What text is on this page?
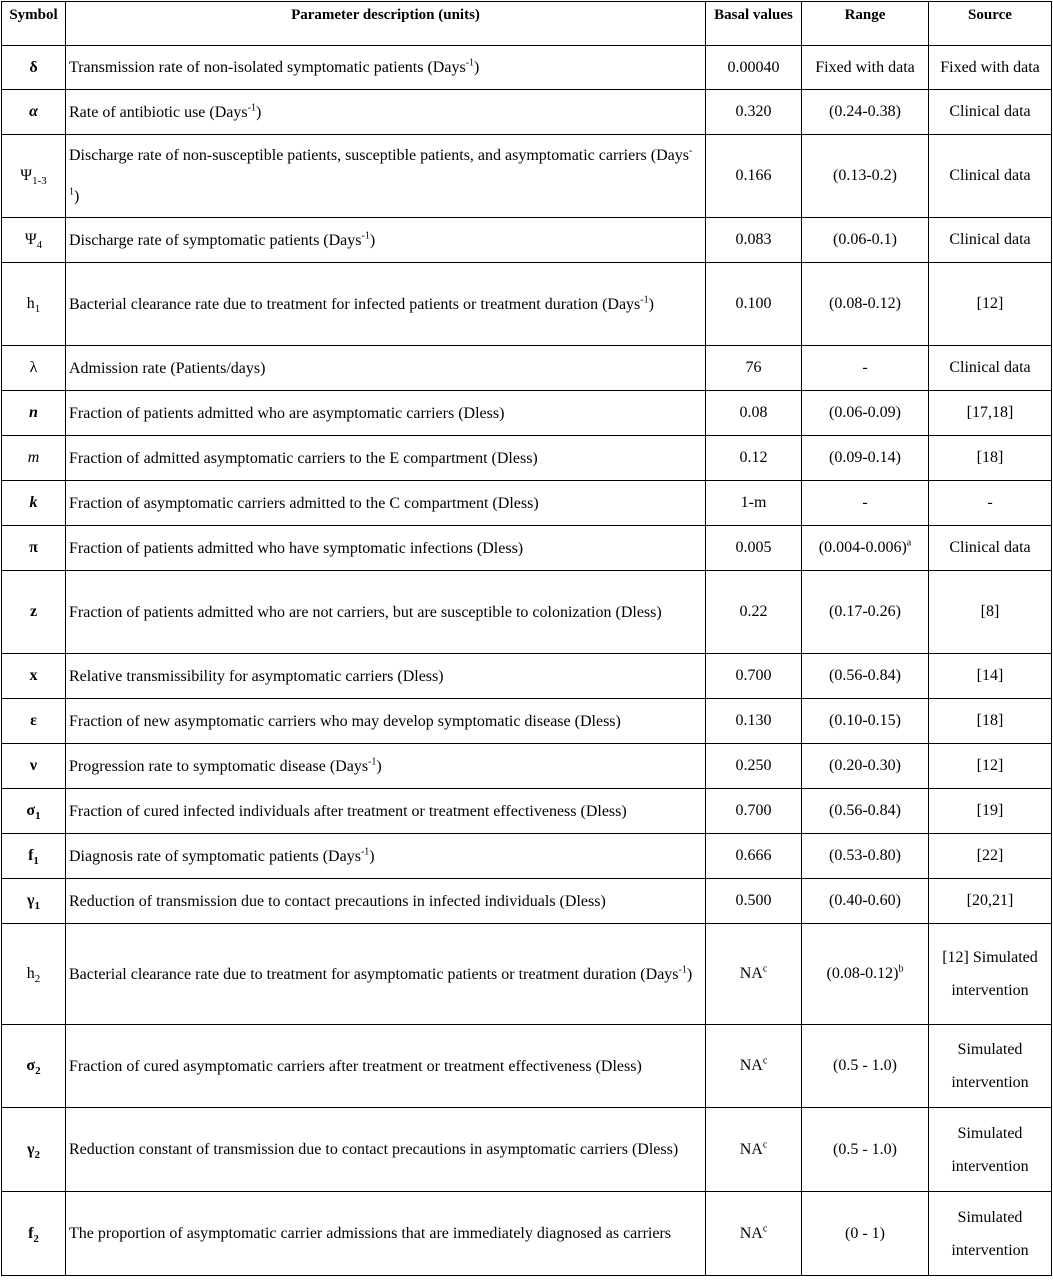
Symbol	Parameter description (units)	Basal values	Range	Source
δ	Transmission rate of non-isolated symptomatic patients (Days$^{-1}$)	0.00040	Fixed with data	Fixed with data
α	Rate of antibiotic use (Days$^{-1}$)	0.320	(0.24-0.38)	Clinical data
$\Psi_{1-3}$	Discharge rate of non-susceptible patients, susceptible patients, and asymptomatic carriers (Days$^{-1}$)	0.166	(0.13-0.2)	Clinical data
$\Psi_4$	Discharge rate of symptomatic patients (Days$^{-1}$)	0.083	(0.06-0.1)	Clinical data
$h_1$	Bacterial clearance rate due to treatment for infected patients or treatment duration (Days$^{-1}$)	0.100	(0.08-0.12)	[12]
λ	Admission rate (Patients/days)	76	-	Clinical data
n	Fraction of patients admitted who are asymptomatic carriers (Dless)	0.08	(0.06-0.09)	[17,18]
m	Fraction of admitted asymptomatic carriers to the E compartment (Dless)	0.12	(0.09-0.14)	[18]
k	Fraction of asymptomatic carriers admitted to the C compartment (Dless)	1-m	-	-
π	Fraction of patients admitted who have symptomatic infections (Dless)	0.005	$(0.004-0.006)^a$	Clinical data
z	Fraction of patients admitted who are not carriers, but are susceptible to colonization (Dless)	0.22	(0.17-0.26)	[8]
x	Relative transmissibility for asymptomatic carriers (Dless)	0.700	(0.56-0.84)	[14]
ε	Fraction of new asymptomatic carriers who may develop symptomatic disease (Dless)	0.130	(0.10-0.15)	[18]
ν	Progression rate to symptomatic disease (Days$^{-1}$)	0.250	(0.20-0.30)	[12]
$\sigma_1$	Fraction of cured infected individuals after treatment or treatment effectiveness (Dless)	0.700	(0.56-0.84)	[19]
$f_1$	Diagnosis rate of symptomatic patients (Days$^{-1}$)	0.666	(0.53-0.80)	[22]
$\gamma_1$	Reduction of transmission due to contact precautions in infected individuals (Dless)	0.500	(0.40-0.60)	[20,21]
$h_2$	Bacterial clearance rate due to treatment for asymptomatic patients or treatment duration (Days$^{-1}$)	$NA^c$	$(0.08-0.12)^b$	[12] Simulated intervention
$\sigma_2$	Fraction of cured asymptomatic carriers after treatment or treatment effectiveness (Dless)	$NA^c$	(0.5 - 1.0)	Simulated intervention
$\gamma_2$	Reduction constant of transmission due to contact precautions in asymptomatic carriers (Dless)	$NA^c$	(0.5 - 1.0)	Simulated intervention
$f_2$	The proportion of asymptomatic carrier admissions that are immediately diagnosed as carriers	$NA^c$	(0 - 1)	Simulated intervention
